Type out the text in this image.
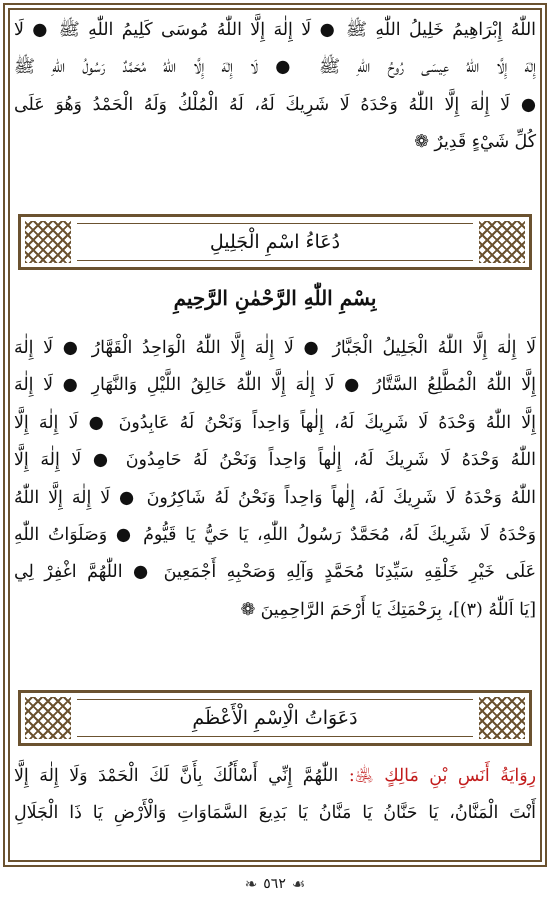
اللّٰهُ إِبْرَاهِيمُ خَلِيلُ اللّٰهِ ﷺ ● لَا إِلٰهَ إِلَّا اللّٰهُ مُوسَى كَلِيمُ اللّٰهِ ﷺ ● لَا
إِلٰهَ إِلَّا اللّٰهُ عِيسَى رُوحُ اللّٰهِ ﷺ ● لَا إِلٰهَ إِلَّا اللّٰهُ مُحَمَّدٌ رَسُولُ اللّٰهِ ﷺ
● لَا إِلٰهَ إِلَّا اللّٰهُ وَحْدَهُ لَا شَرِيكَ لَهُ، لَهُ الْمُلْكُ وَلَهُ الْحَمْدُ وَهُوَ عَلَى
كُلِّ شَيْءٍ قَدِيرٌ ❁
دُعَاءُ اسْمِ الْجَلِيلِ
بِسْمِ اللّٰهِ الرَّحْمٰنِ الرَّحِيمِ
لَا إِلٰهَ إِلَّا اللّٰهُ الْجَلِيلُ الْجَبَّارُ ● لَا إِلٰهَ إِلَّا اللّٰهُ الْوَاحِدُ الْقَهَّارُ ● لَا إِلٰهَ
إِلَّا اللّٰهُ الْمُطَّلِعُ السَّتَّارُ ● لَا إِلٰهَ إِلَّا اللّٰهُ خَالِقُ اللَّيْلِ وَالنَّهَارِ ● لَا إِلٰهَ
إِلَّا اللّٰهُ وَحْدَهُ لَا شَرِيكَ لَهُ، إِلٰهاً وَاحِداً وَنَحْنُ لَهُ عَابِدُونَ ● لَا إِلٰهَ إِلَّا
اللّٰهُ وَحْدَهُ لَا شَرِيكَ لَهُ، إِلٰهاً وَاحِداً وَنَحْنُ لَهُ حَامِدُونَ ● لَا إِلٰهَ إِلَّا
اللّٰهُ وَحْدَهُ لَا شَرِيكَ لَهُ، إِلٰهاً وَاحِداً وَنَحْنُ لَهُ شَاكِرُونَ ● لَا إِلٰهَ إِلَّا اللّٰهُ
وَحْدَهُ لَا شَرِيكَ لَهُ، مُحَمَّدٌ رَسُولُ اللّٰهِ، يَا حَيُّ يَا قَيُّومُ ● وَصَلَوَاتُ اللّٰهِ
عَلَى خَيْرِ خَلْقِهِ سَيِّدِنَا مُحَمَّدٍ وَآلِهِ وَصَحْبِهِ أَجْمَعِينَ ● اللّٰهُمَّ اغْفِرْ لِي
[يَا اَللّٰهُ (٣)]، بِرَحْمَتِكَ يَا أَرْحَمَ الرَّاحِمِينَ ❁
دَعَوَاتُ الْاِسْمِ الْأَعْظَمِ
رِوَايَةُ أَنَسِ بْنِ مَالِكٍ ﵁: اللّٰهُمَّ إِنِّي أَسْأَلُكَ بِأَنَّ لَكَ الْحَمْدَ وَلَا إِلٰهَ إِلَّا
أَنْتَ الْمَنَّانُ، يَا حَنَّانُ يَا مَنَّانُ يَا بَدِيعَ السَّمَاوَاتِ وَالْأَرْضِ يَا ذَا الْجَلَالِ
☙
٥٦٢
❧
